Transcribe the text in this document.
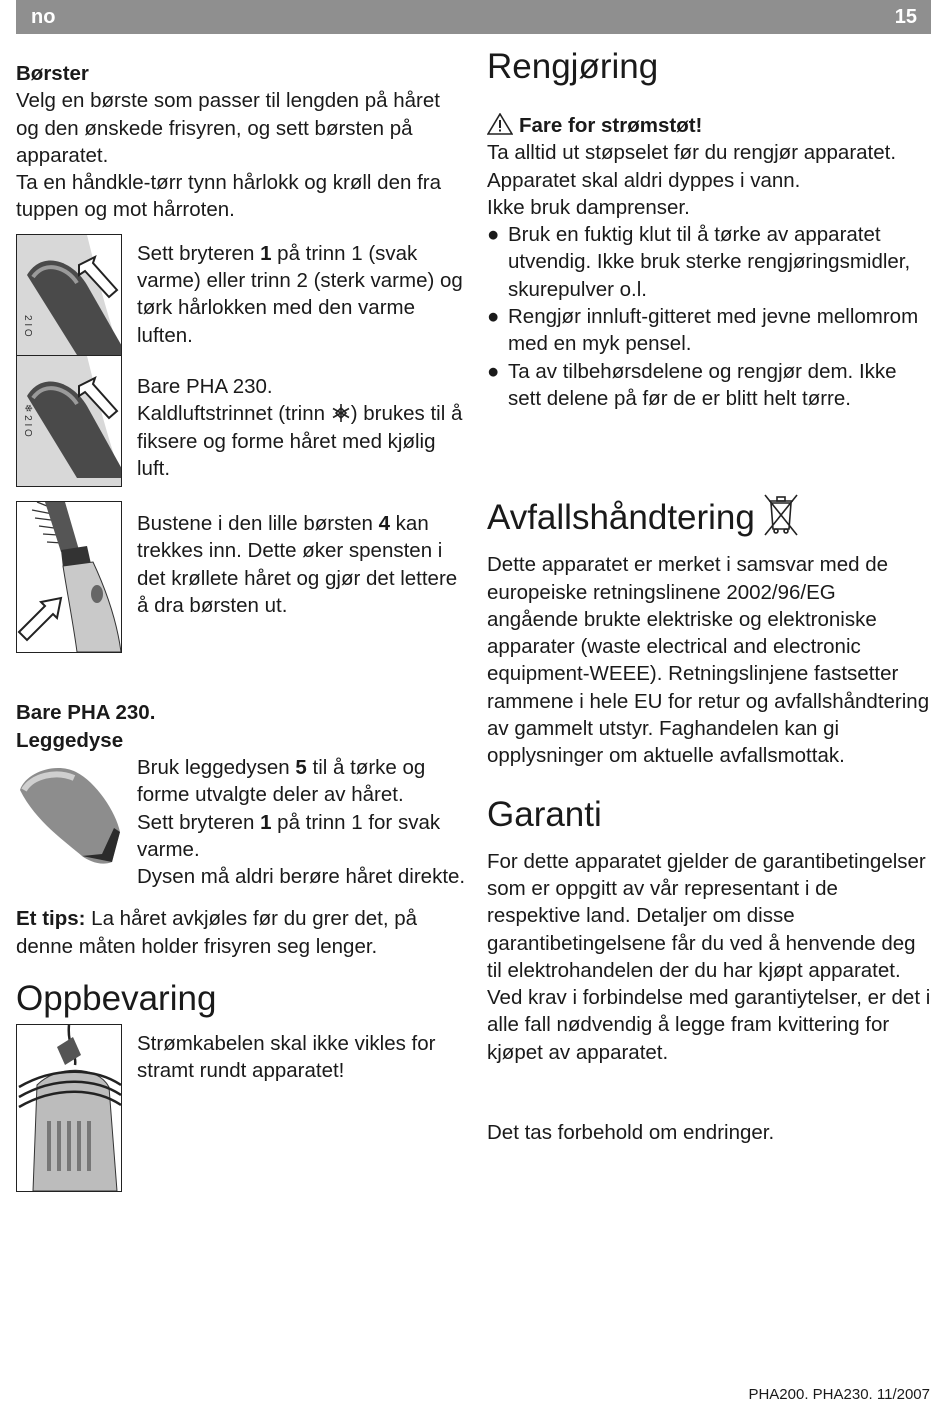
no	15

Børster

Velg en børste som passer til lengden på håret og den ønskede frisyren, og sett børsten på apparatet.

Ta en håndkle-tørr tynn hårlokk og krøll den fra tuppen og mot hårroten.

2 I O

Sett bryteren 1 på trinn 1 (svak varme) eller trinn 2 (sterk varme) og tørk hårlokken med den varme luften.

❄ 2 I O

Bare PHA 230.

Kaldluftstrinnet (trinn ) brukes til å fiksere og forme håret med kjølig luft.

Bustene i den lille børsten 4 kan trekkes inn. Dette øker spensten i det krøllete håret og gjør det lettere å dra børsten ut.

Bare PHA 230.

Leggedyse

Bruk leggedysen 5 til å tørke og forme utvalgte deler av håret.

Sett bryteren 1 på trinn 1 for svak varme.

Dysen må aldri berøre håret direkte.

Et tips: La håret avkjøles før du grer det, på denne måten holder frisyren seg lenger.

Oppbevaring

Strømkabelen skal ikke vikles for stramt rundt apparatet!

Rengjøring

Fare for strømstøt!

Ta alltid ut støpselet før du rengjør apparatet.

Apparatet skal aldri dyppes i vann.

Ikke bruk damprenser.

● Bruk en fuktig klut til å tørke av apparatet utvendig. Ikke bruk sterke rengjøringsmidler, skurepulver o.l.
● Rengjør innluft-gitteret med jevne mellomrom med en myk pensel.
● Ta av tilbehørsdelene og rengjør dem. Ikke sett delene på før de er blitt helt tørre.
Avfallshåndtering

Dette apparatet er merket i samsvar med de europeiske retningslinene 2002/96/EG angående brukte elektriske og elektroniske apparater (waste electrical and electronic equipment-WEEE). Retningslinjene fastsetter rammene i hele EU for retur og avfallshåndtering av gammelt utstyr. Faghandelen kan gi opplysninger om aktuelle avfallsmottak.

Garanti

For dette apparatet gjelder de garantibetingelser som er oppgitt av vår representant i de respektive land. Detaljer om disse garantibetingelsene får du ved å henvende deg til elektrohandelen der du har kjøpt apparatet. Ved krav i forbindelse med garantiytelser, er det i alle fall nødvendig å legge fram kvittering for kjøpet av apparatet.

Det tas forbehold om endringer.

PHA200. PHA230. 11/2007
